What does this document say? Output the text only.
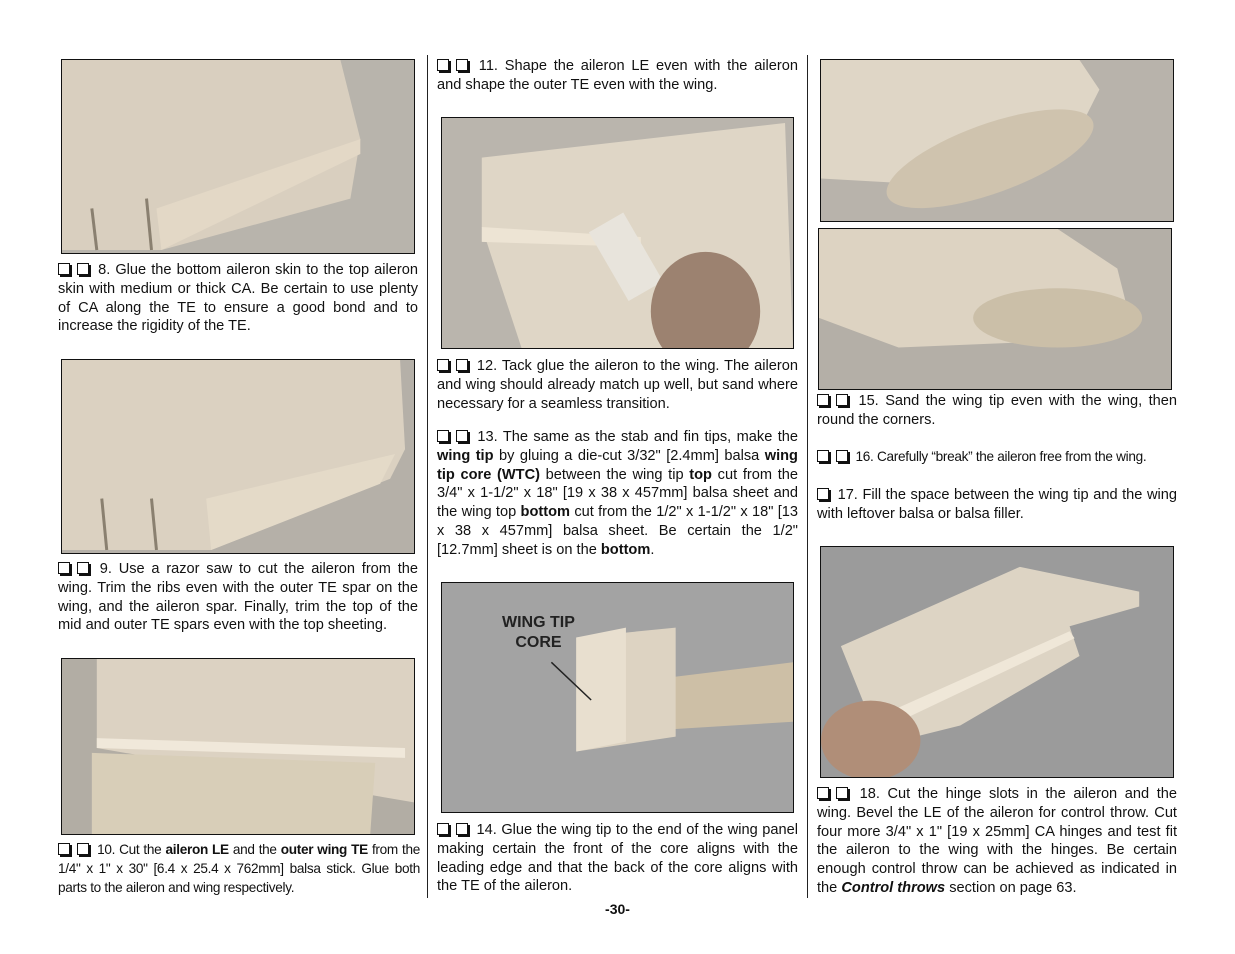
8. Glue the bottom aileron skin to the top aileron skin with medium or thick CA. Be certain to use plenty of CA along the TE to ensure a good bond and to increase the rigidity of the TE.
9. Use a razor saw to cut the aileron from the wing. Trim the ribs even with the outer TE spar on the wing, and the aileron spar. Finally, trim the top of the mid and outer TE spars even with the top sheeting.
10. Cut the aileron LE and the outer wing TE from the 1/4" x 1" x 30" [6.4 x 25.4 x 762mm] balsa stick. Glue both parts to the aileron and wing respectively.
11. Shape the aileron LE even with the aileron and shape the outer TE even with the wing.
12. Tack glue the aileron to the wing. The aileron and wing should already match up well, but sand where necessary for a seamless transition.
13. The same as the stab and fin tips, make the wing tip by gluing a die-cut 3/32" [2.4mm] balsa wing tip core (WTC) between the wing tip top cut from the 3/4" x 1-1/2" x 18" [19 x 38 x 457mm] balsa sheet and the wing top bottom cut from the 1/2" x 1-1/2" x 18" [13 x 38 x 457mm] balsa sheet. Be certain the 1/2" [12.7mm] sheet is on the bottom.
WING TIP
CORE
14. Glue the wing tip to the end of the wing panel making certain the front of the core aligns with the leading edge and that the back of the core aligns with the TE of the aileron.
15. Sand the wing tip even with the wing, then round the corners.
16. Carefully “break” the aileron free from the wing.
17. Fill the space between the wing tip and the wing with leftover balsa or balsa filler.
18. Cut the hinge slots in the aileron and the wing. Bevel the LE of the aileron for control throw. Cut four more 3/4" x 1" [19 x 25mm] CA hinges and test fit the aileron to the wing with the hinges. Be certain enough control throw can be achieved as indicated in the Control throws section on page 63.
-30-
